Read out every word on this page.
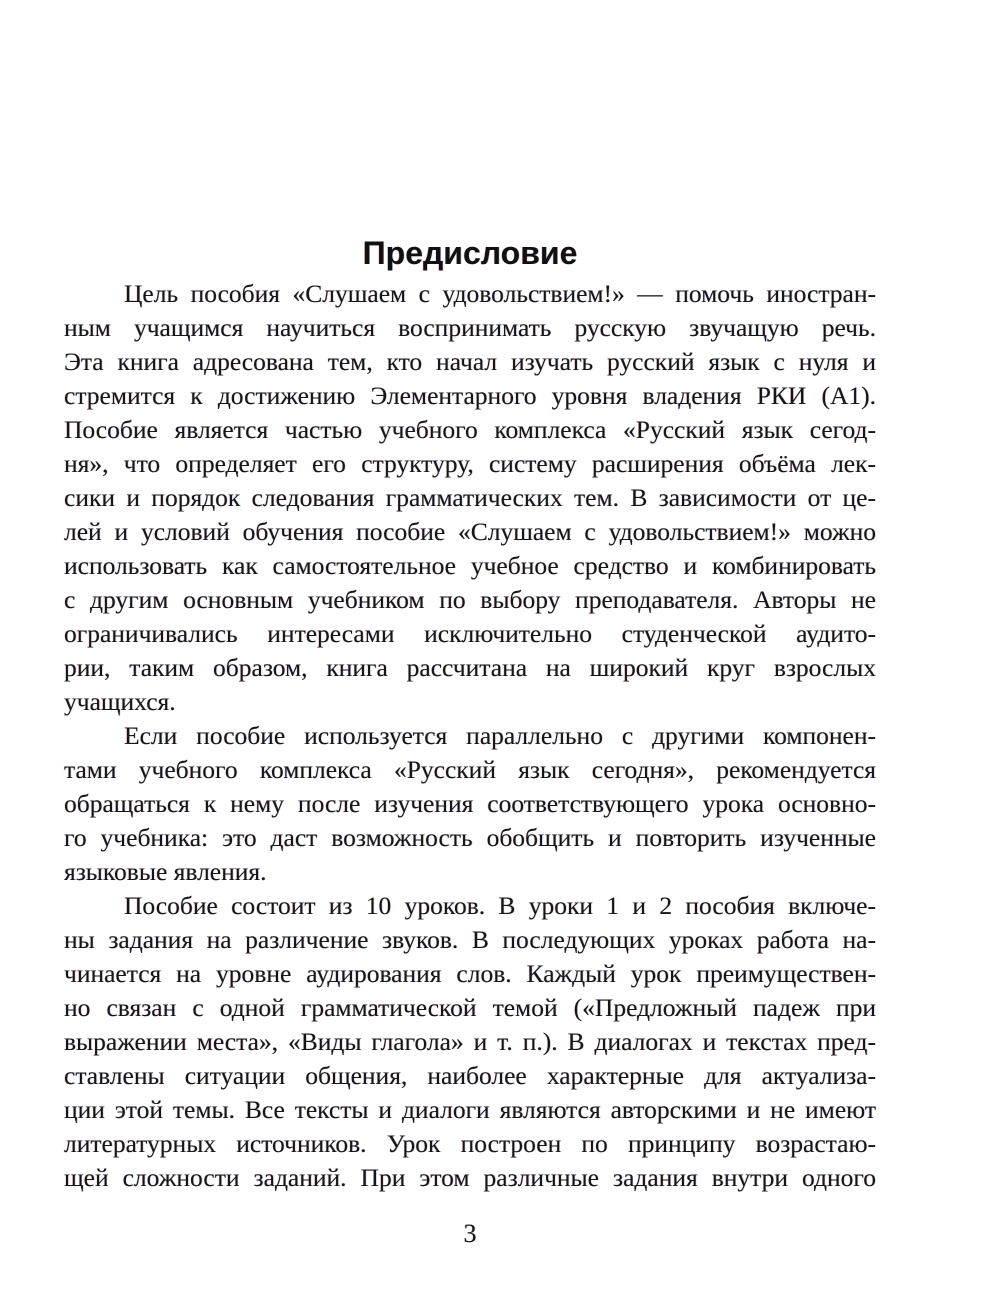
Предисловие
Цель пособия «Слушаем с удовольствием!» — помочь иностран-
ным учащимся научиться воспринимать русскую звучащую речь.
Эта книга адресована тем, кто начал изучать русский язык с нуля и
стремится к достижению Элементарного уровня владения РКИ (А1).
Пособие является частью учебного комплекса «Русский язык сегод-
ня», что определяет его структуру, систему расширения объёма лек-
сики и порядок следования грамматических тем. В зависимости от це-
лей и условий обучения пособие «Слушаем с удовольствием!» можно
использовать как самостоятельное учебное средство и комбинировать
с другим основным учебником по выбору преподавателя. Авторы не
ограничивались интересами исключительно студенческой аудито-
рии, таким образом, книга рассчитана на широкий круг взрослых
учащихся.
Если пособие используется параллельно с другими компонен-
тами учебного комплекса «Русский язык сегодня», рекомендуется
обращаться к нему после изучения соответствующего урока основно-
го учебника: это даст возможность обобщить и повторить изученные
языковые явления.
Пособие состоит из 10 уроков. В уроки 1 и 2 пособия включе-
ны задания на различение звуков. В последующих уроках работа на-
чинается на уровне аудирования слов. Каждый урок преимуществен-
но связан с одной грамматической темой («Предложный падеж при
выражении места», «Виды глагола» и т. п.). В диалогах и текстах пред-
ставлены ситуации общения, наиболее характерные для актуализа-
ции этой темы. Все тексты и диалоги являются авторскими и не имеют
литературных источников. Урок построен по принципу возрастаю-
щей сложности заданий. При этом различные задания внутри одного
3
